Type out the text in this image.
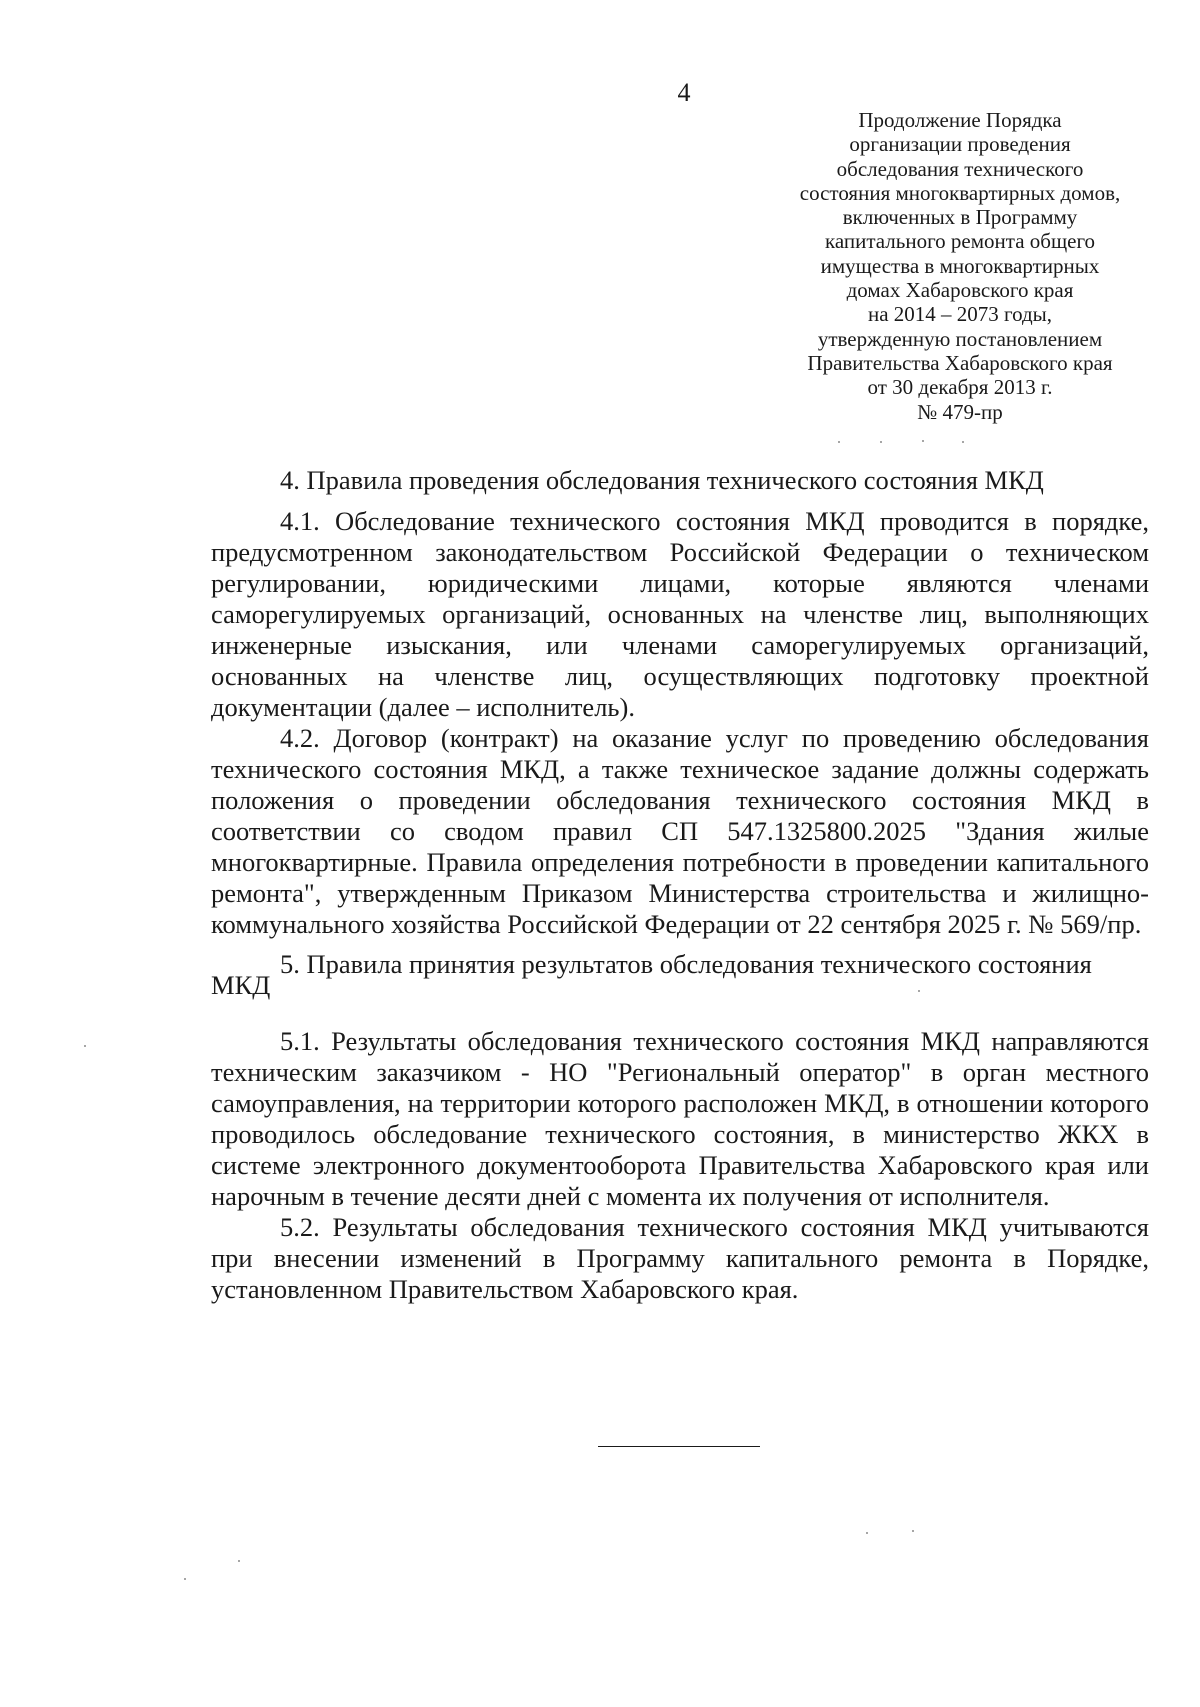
4
Продолжение Порядка
организации проведения
обследования технического
состояния многоквартирных домов,
включенных в Программу
капитального ремонта общего
имущества в многоквартирных
домах Хабаровского края
на 2014 – 2073 годы,
утвержденную постановлением
Правительства Хабаровского края
от 30 декабря 2013 г.
№ 479-пр

4. Правила проведения обследования технического состояния МКД

4.1. Обследование технического состояния МКД проводится в порядке, предусмотренном законодательством Российской Федерации о техническом регулировании, юридическими лицами, которые являются членами саморегулируемых организаций, основанных на членстве лиц, выполняющих инженерные изыскания, или членами саморегулируемых организаций, основанных на членстве лиц, осуществляющих подготовку проектной документации (далее – исполнитель).

4.2. Договор (контракт) на оказание услуг по проведению обследования технического состояния МКД, а также техническое задание должны содержать положения о проведении обследования технического состояния МКД в соответствии со сводом правил СП 547.1325800.2025 "Здания жилые многоквартирные. Правила определения потребности в проведении капитального ремонта", утвержденным Приказом Министерства строительства и жилищно-коммунального хозяйства Российской Федерации от 22 сентября 2025 г. № 569/пр.

5. Правила принятия результатов обследования технического состояния
МКД

5.1. Результаты обследования технического состояния МКД направляются техническим заказчиком - НО "Региональный оператор" в орган местного самоуправления, на территории которого расположен МКД, в отношении которого проводилось обследование технического состояния, в министерство ЖКХ в системе электронного документооборота Правительства Хабаровского края или нарочным в течение десяти дней с момента их получения от исполнителя.

5.2. Результаты обследования технического состояния МКД учитываются при внесении изменений в Программу капитального ремонта в Порядке, установленном Правительством Хабаровского края.
